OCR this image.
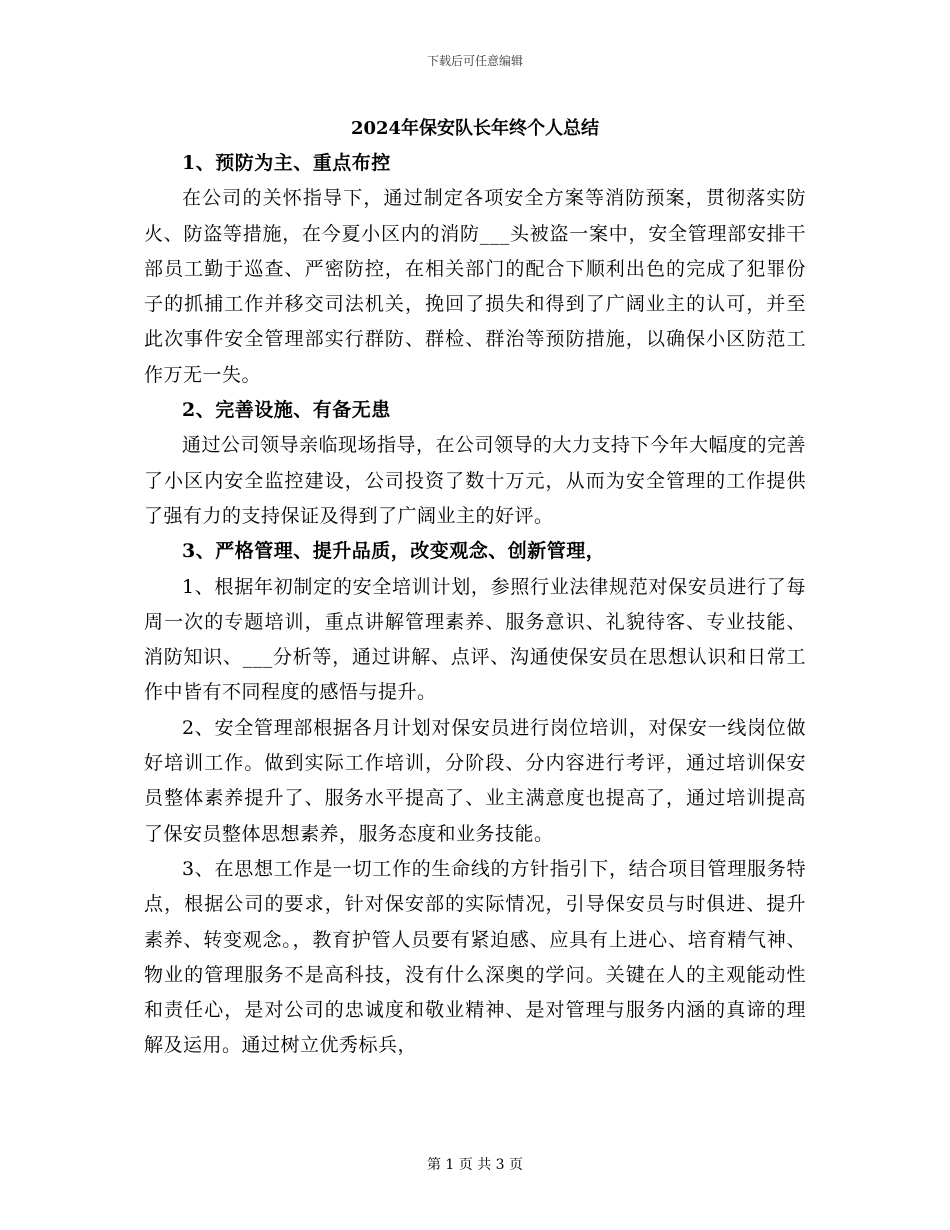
下载后可任意编辑
2024年保安队长年终个人总结
1、预防为主、重点布控

在公司的关怀指导下，通过制定各项安全方案等消防预案，贯彻落实防火、防盗等措施，在今夏小区内的消防___头被盗一案中，安全管理部安排干部员工勤于巡查、严密防控，在相关部门的配合下顺利出色的完成了犯罪份子的抓捕工作并移交司法机关，挽回了损失和得到了广阔业主的认可，并至此次事件安全管理部实行群防、群检、群治等预防措施，以确保小区防范工作万无一失。

2、完善设施、有备无患

通过公司领导亲临现场指导，在公司领导的大力支持下今年大幅度的完善了小区内安全监控建设，公司投资了数十万元，从而为安全管理的工作提供了强有力的支持保证及得到了广阔业主的好评。

3、严格管理、提升品质，改变观念、创新管理，

1、根据年初制定的安全培训计划，参照行业法律规范对保安员进行了每周一次的专题培训，重点讲解管理素养、服务意识、礼貌待客、专业技能、消防知识、___分析等，通过讲解、点评、沟通使保安员在思想认识和日常工作中皆有不同程度的感悟与提升。

2、安全管理部根据各月计划对保安员进行岗位培训，对保安一线岗位做好培训工作。做到实际工作培训，分阶段、分内容进行考评，通过培训保安员整体素养提升了、服务水平提高了、业主满意度也提高了，通过培训提高了保安员整体思想素养，服务态度和业务技能。

3、在思想工作是一切工作的生命线的方针指引下，结合项目管理服务特点，根据公司的要求，针对保安部的实际情况，引导保安员与时俱进、提升素养、转变观念。，教育护管人员要有紧迫感、应具有上进心、培育精气神、物业的管理服务不是高科技，没有什么深奥的学问。关键在人的主观能动性和责任心，是对公司的忠诚度和敬业精神、是对管理与服务内涵的真谛的理解及运用。通过树立优秀标兵，

第 1 页 共 3 页
